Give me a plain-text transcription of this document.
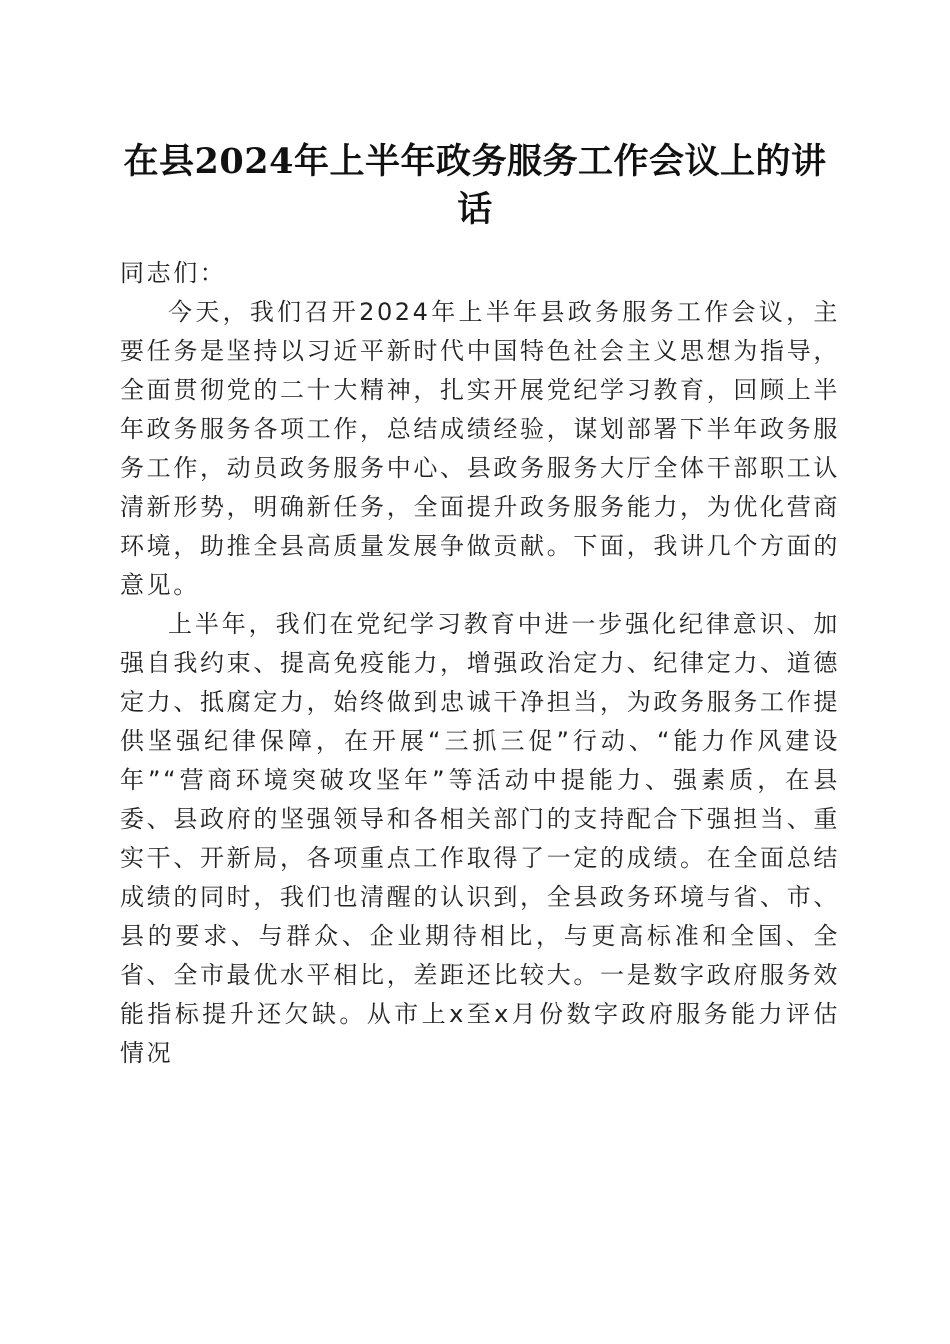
在县2024年上半年政务服务工作会议上的讲话

同志们：

今天，我们召开2024年上半年县政务服务工作会议，主要任务是坚持以习近平新时代中国特色社会主义思想为指导，全面贯彻党的二十大精神，扎实开展党纪学习教育，回顾上半年政务服务各项工作，总结成绩经验，谋划部署下半年政务服务工作，动员政务服务中心、县政务服务大厅全体干部职工认清新形势，明确新任务，全面提升政务服务能力，为优化营商环境，助推全县高质量发展争做贡献。下面，我讲几个方面的意见。

上半年，我们在党纪学习教育中进一步强化纪律意识、加强自我约束、提高免疫能力，增强政治定力、纪律定力、道德定力、抵腐定力，始终做到忠诚干净担当，为政务服务工作提供坚强纪律保障，在开展“三抓三促”行动、“能力作风建设年”“营商环境突破攻坚年”等活动中提能力、强素质，在县委、县政府的坚强领导和各相关部门的支持配合下强担当、重实干、开新局，各项重点工作取得了一定的成绩。在全面总结成绩的同时，我们也清醒的认识到，全县政务环境与省、市、县的要求、与群众、企业期待相比，与更高标准和全国、全省、全市最优水平相比，差距还比较大。一是数字政府服务效能指标提升还欠缺。从市上x至x月份数字政府服务能力评估情况
